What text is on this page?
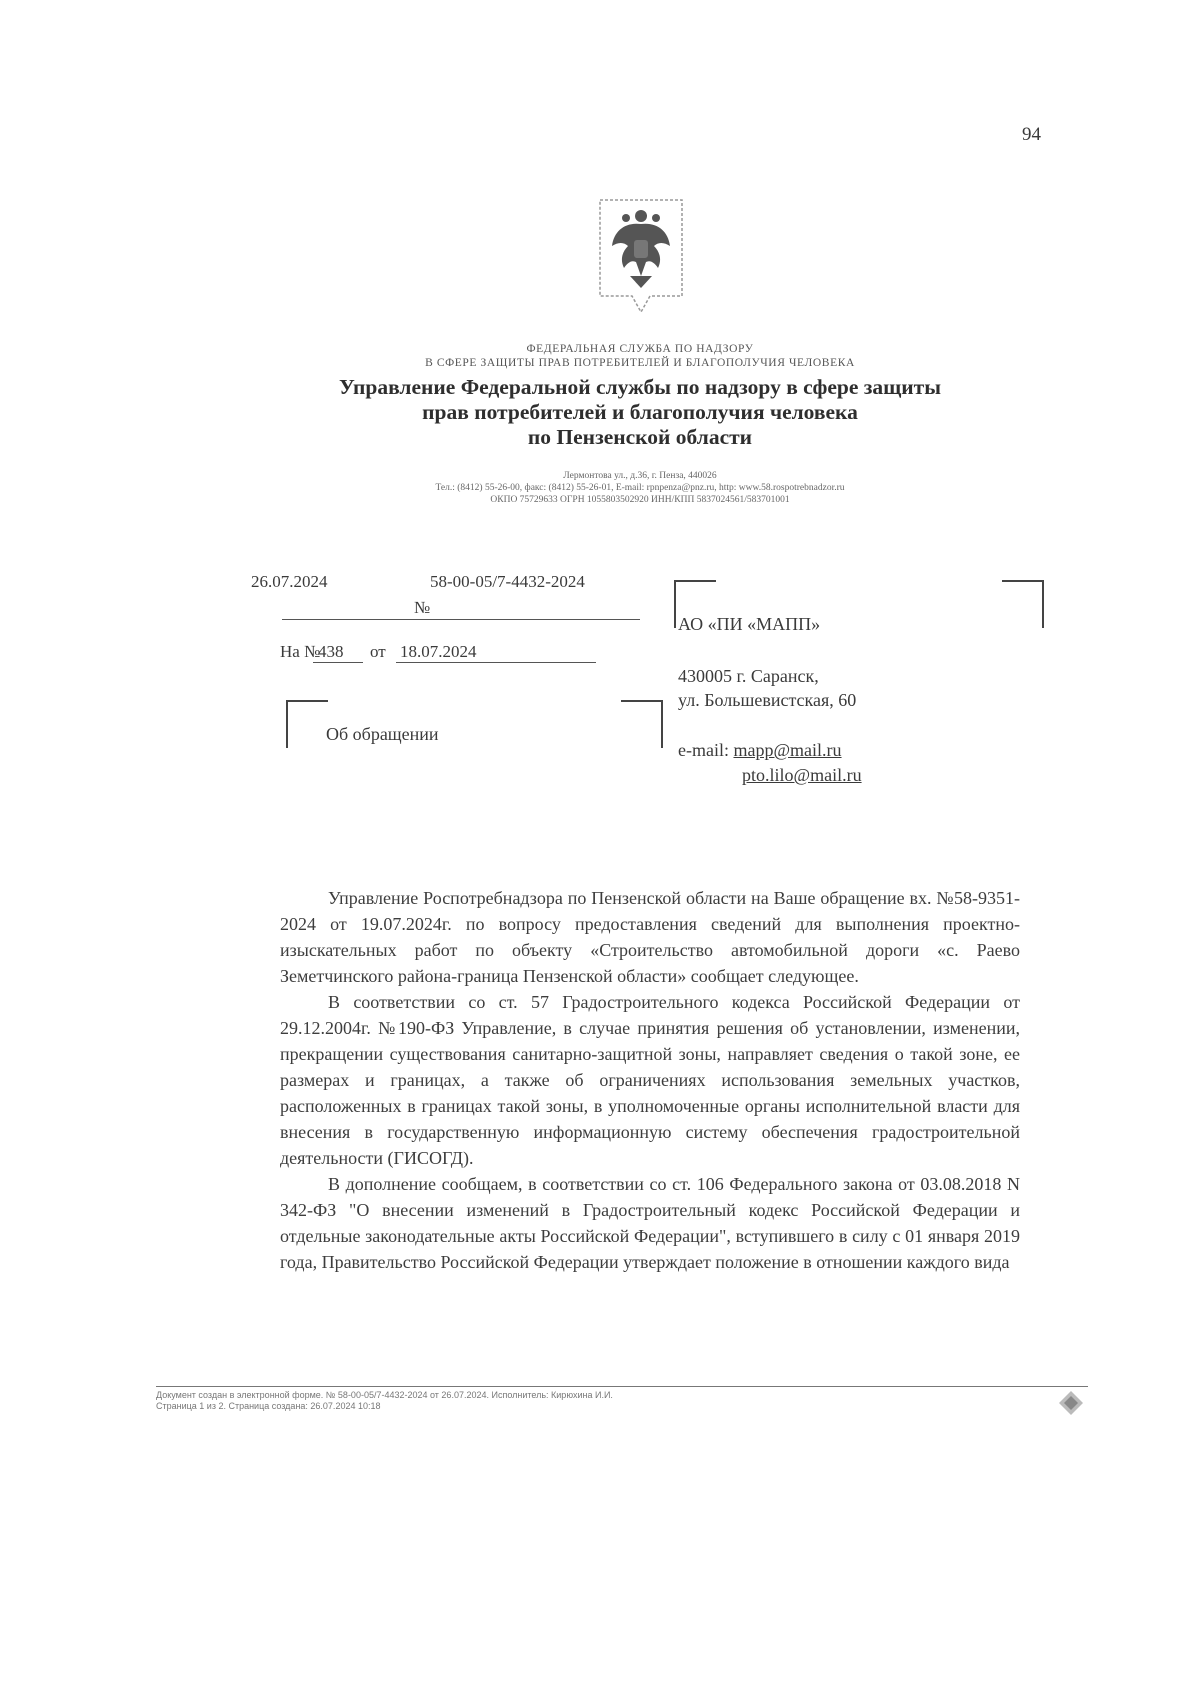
94
ФЕДЕРАЛЬНАЯ СЛУЖБА ПО НАДЗОРУ
В СФЕРЕ ЗАЩИТЫ ПРАВ ПОТРЕБИТЕЛЕЙ И БЛАГОПОЛУЧИЯ ЧЕЛОВЕКА
Управление Федеральной службы по надзору в сфере защиты
прав потребителей и благополучия человека
по Пензенской области
Лермонтова ул., д.36, г. Пенза, 440026
Тел.: (8412) 55-26-00, факс: (8412) 55-26-01, E-mail: rpnpenza@pnz.ru, http: www.58.rospotrebnadzor.ru
ОКПО 75729633 ОГРН 1055803502920 ИНН/КПП 5837024561/583701001
26.07.2024	58-00-05/7-4432-2024
№
На №
438 от 18.07.2024
Об обращении
АО «ПИ «МАПП»
430005 г. Саранск,
ул. Большевистская, 60
e-mail: mapp@mail.ru
pto.lilo@mail.ru

Управление Роспотребнадзора по Пензенской области на Ваше обращение вх. №58-9351-2024 от 19.07.2024г. по вопросу предоставления сведений для выполнения проектно-изыскательных работ по объекту «Строительство автомобильной дороги «с. Раево Земетчинского района-граница Пензенской области» сообщает следующее.

В соответствии со ст. 57 Градостроительного кодекса Российской Федерации от 29.12.2004г. №190-ФЗ Управление, в случае принятия решения об установлении, изменении, прекращении существования санитарно-защитной зоны, направляет сведения о такой зоне, ее размерах и границах, а также об ограничениях использования земельных участков, расположенных в границах такой зоны, в уполномоченные органы исполнительной власти для внесения в государственную информационную систему обеспечения градостроительной деятельности (ГИСОГД).

В дополнение сообщаем, в соответствии со ст. 106 Федерального закона от 03.08.2018 N 342-ФЗ "О внесении изменений в Градостроительный кодекс Российской Федерации и отдельные законодательные акты Российской Федерации", вступившего в силу с 01 января 2019 года, Правительство Российской Федерации утверждает положение в отношении каждого вида

Документ создан в электронной форме. № 58-00-05/7-4432-2024 от 26.07.2024. Исполнитель: Кирюхина И.И.
Страница 1 из 2. Страница создана: 26.07.2024 10:18
